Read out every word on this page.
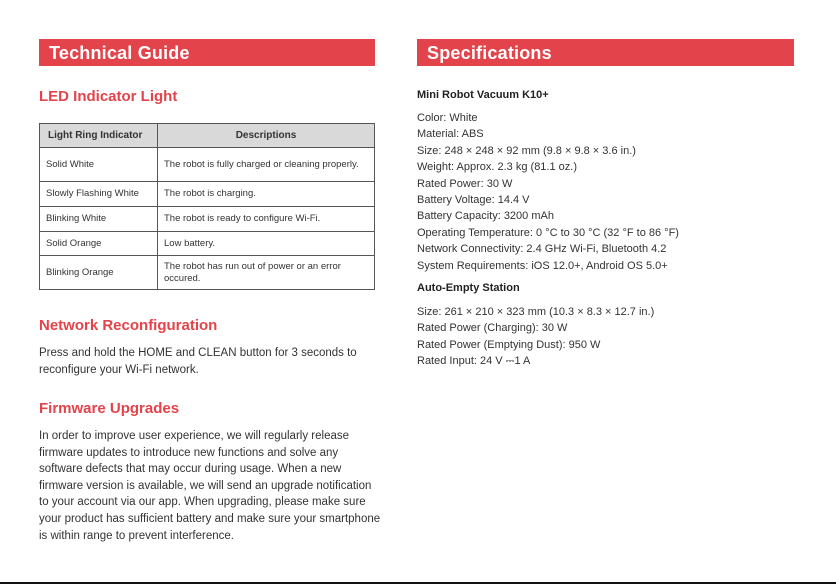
Technical Guide
LED Indicator Light
Light Ring Indicator	Descriptions
Solid White	The robot is fully charged or cleaning properly.
Slowly Flashing White	The robot is charging.
Blinking White	The robot is ready to configure Wi-Fi.
Solid Orange	Low battery.
Blinking Orange	The robot has run out of power or an error occured.
Network Reconfiguration

Press and hold the HOME and CLEAN button for 3 seconds to reconfigure your Wi-Fi network.

Firmware Upgrades

In order to improve user experience, we will regularly release firmware updates to introduce new functions and solve any software defects that may occur during usage. When a new firmware version is available, we will send an upgrade notification to your account via our app. When upgrading, please make sure your product has sufficient battery and make sure your smartphone is within range to prevent interference.

Specifications
Mini Robot Vacuum K10+
Color: White
Material: ABS
Size: 248 × 248 × 92 mm (9.8 × 9.8 × 3.6 in.)
Weight: Approx. 2.3 kg (81.1 oz.)
Rated Power: 30 W
Battery Voltage: 14.4 V
Battery Capacity: 3200 mAh
Operating Temperature: 0 °C to 30 °C (32 °F to 86 °F)
Network Connectivity: 2.4 GHz Wi-Fi, Bluetooth 4.2
System Requirements: iOS 12.0+, Android OS 5.0+
Auto-Empty Station
Size: 261 × 210 × 323 mm (10.3 × 8.3 × 12.7 in.)
Rated Power (Charging): 30 W
Rated Power (Emptying Dust): 950 W
Rated Input: 24 V ⎓1 A
